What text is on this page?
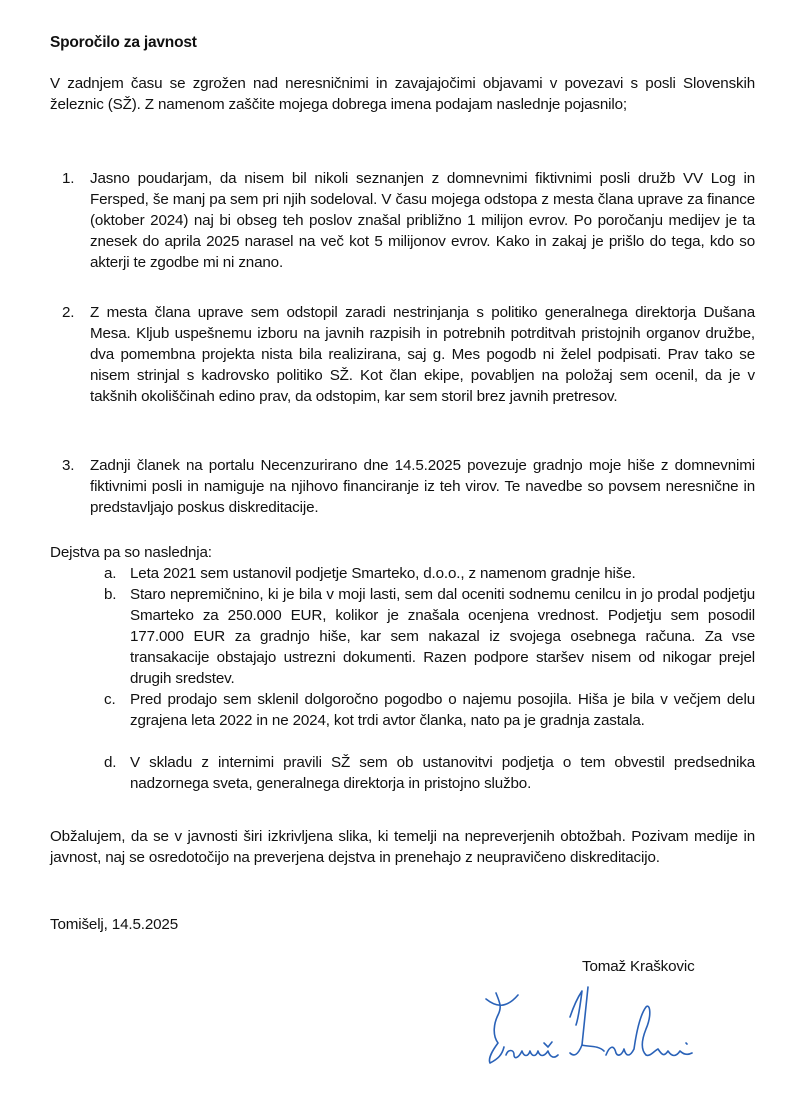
Sporočilo za javnost
V zadnjem času se zgrožen nad neresničnimi in zavajajočimi objavami v povezavi s posli Slovenskih železnic (SŽ). Z namenom zaščite mojega dobrega imena podajam naslednje pojasnilo;
1. Jasno poudarjam, da nisem bil nikoli seznanjen z domnevnimi fiktivnimi posli družb VV Log in Fersped, še manj pa sem pri njih sodeloval. V času mojega odstopa z mesta člana uprave za finance (oktober 2024) naj bi obseg teh poslov znašal približno 1 milijon evrov. Po poročanju medijev je ta znesek do aprila 2025 narasel na več kot 5 milijonov evrov. Kako in zakaj je prišlo do tega, kdo so akterji te zgodbe mi ni znano.
2. Z mesta člana uprave sem odstopil zaradi nestrinjanja s politiko generalnega direktorja Dušana Mesa. Kljub uspešnemu izboru na javnih razpisih in potrebnih potrditvah pristojnih organov družbe, dva pomembna projekta nista bila realizirana, saj g. Mes pogodb ni želel podpisati. Prav tako se nisem strinjal s kadrovsko politiko SŽ. Kot član ekipe, povabljen na položaj sem ocenil, da je v takšnih okoliščinah edino prav, da odstopim, kar sem storil brez javnih pretresov.
3. Zadnji članek na portalu Necenzurirano dne 14.5.2025 povezuje gradnjo moje hiše z domnevnimi fiktivnimi posli in namiguje na njihovo financiranje iz teh virov. Te navedbe so povsem neresnične in predstavljajo poskus diskreditacije.
Dejstva pa so naslednja:
a. Leta 2021 sem ustanovil podjetje Smarteko, d.o.o., z namenom gradnje hiše.
b. Staro nepremičnino, ki je bila v moji lasti, sem dal oceniti sodnemu cenilcu in jo prodal podjetju Smarteko za 250.000 EUR, kolikor je znašala ocenjena vrednost. Podjetju sem posodil 177.000 EUR za gradnjo hiše, kar sem nakazal iz svojega osebnega računa. Za vse transakacije obstajajo ustrezni dokumenti. Razen podpore staršev nisem od nikogar prejel drugih sredstev.
c. Pred prodajo sem sklenil dolgoročno pogodbo o najemu posojila. Hiša je bila v večjem delu zgrajena leta 2022 in ne 2024, kot trdi avtor članka, nato pa je gradnja zastala.
d. V skladu z internimi pravili SŽ sem ob ustanovitvi podjetja o tem obvestil predsednika nadzornega sveta, generalnega direktorja in pristojno službo.
Obžalujem, da se v javnosti širi izkrivljena slika, ki temelji na nepreverjenih obtožbah. Pozivam medije in javnost, naj se osredotočijo na preverjena dejstva in prenehajo z neupravičeno diskreditacijo.
Tomišelj, 14.5.2025
Tomaž Kraškovic
